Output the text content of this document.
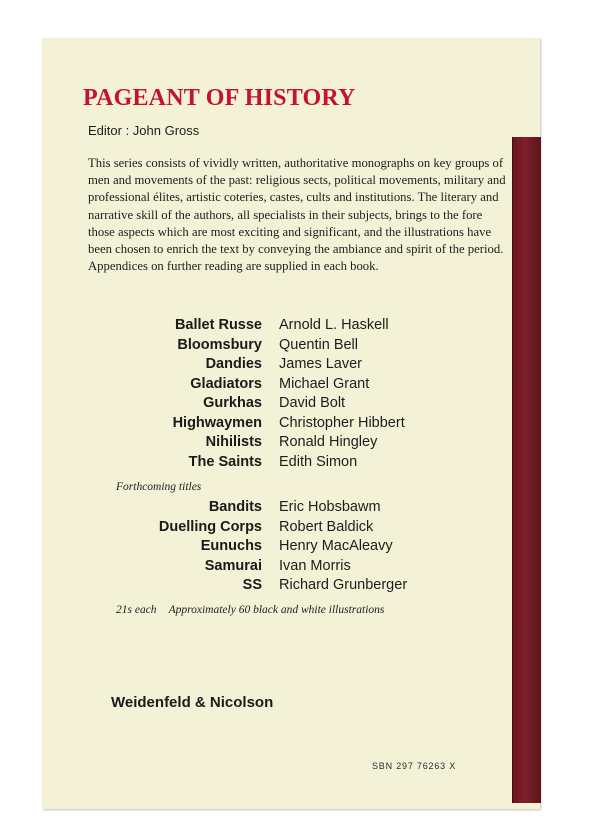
PAGEANT OF HISTORY
Editor : John Gross

This series consists of vividly written, authoritative monographs on key groups of men and movements of the past: religious sects, political movements, military and professional élites, artistic coteries, castes, cults and institutions. The literary and narrative skill of the authors, all specialists in their subjects, brings to the fore those aspects which are most exciting and significant, and the illustrations have been chosen to enrich the text by conveying the ambiance and spirit of the period. Appendices on further reading are supplied in each book.

Ballet Russe Arnold L. Haskell
Bloomsbury Quentin Bell
Dandies James Laver
Gladiators Michael Grant
Gurkhas David Bolt
Highwaymen Christopher Hibbert
Nihilists Ronald Hingley
The Saints Edith Simon
Forthcoming titles
Bandits Eric Hobsbawm
Duelling Corps Robert Baldick
Eunuchs Henry MacAleavy
Samurai Ivan Morris
SS Richard Grunberger
21s each Approximately 60 black and white illustrations
Weidenfeld & Nicolson
SBN 297 76263 X
